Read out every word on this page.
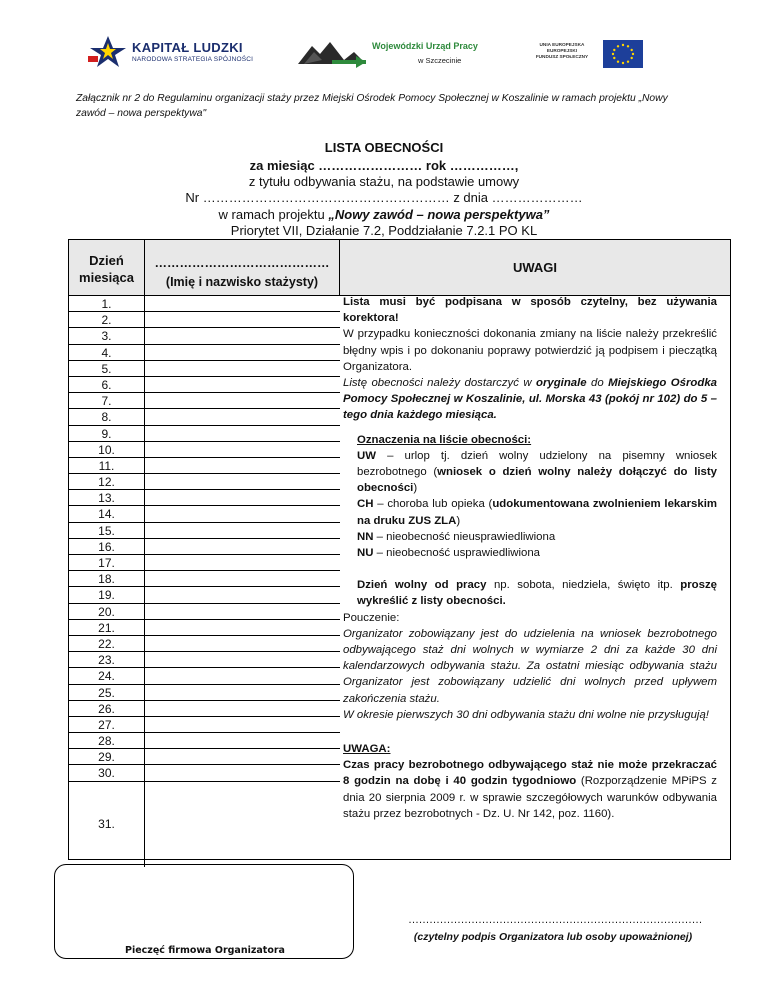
KAPITAŁ LUDZKI
NARODOWA STRATEGIA SPÓJNOŚCI
Wojewódzki Urząd Pracy
w Szczecinie
UNIA EUROPEJSKA
EUROPEJSKI
FUNDUSZ SPOŁECZNY
Załącznik nr 2 do Regulaminu organizacji staży przez Miejski Ośrodek Pomocy Społecznej w Koszalinie w ramach projektu „Nowy zawód – nowa perspektywa"
LISTA OBECNOŚCI
za miesiąc …………………… rok ……………,
z tytułu odbywania stażu, na podstawie umowy
Nr ………………………………………………… z dnia …………………
w ramach projektu „Nowy zawód – nowa perspektywa”
Priorytet VII, Działanie 7.2, Poddziałanie 7.2.1 PO KL
Dzień miesiąca
……………………………………
(Imię i nazwisko stażysty)
UWAGI
1.
2.
3.
4.
5.
6.
7.
8.
9.
10.
11.
12.
13.
14.
15.
16.
17.
18.
19.
20.
21.
22.
23.
24.
25.
26.
27.
28.
29.
30.
31.

Lista musi być podpisana w sposób czytelny, bez używania korektora!

W przypadku konieczności dokonania zmiany na liście należy przekreślić błędny wpis i po dokonaniu poprawy potwierdzić ją podpisem i pieczątką Organizatora.

Listę obecności należy dostarczyć w oryginale do Miejskiego Ośrodka Pomocy Społecznej w Koszalinie, ul. Morska 43 (pokój nr 102) do 5 –tego dnia każdego miesiąca.

Oznaczenia na liście obecności:

UW – urlop tj. dzień wolny udzielony na pisemny wniosek bezrobotnego (wniosek o dzień wolny należy dołączyć do listy obecności)

CH – choroba lub opieka (udokumentowana zwolnieniem lekarskim na druku ZUS ZLA)

NN – nieobecność nieusprawiedliwiona

NU – nieobecność usprawiedliwiona

Dzień wolny od pracy np. sobota, niedziela, święto itp. proszę wykreślić z listy obecności.

Pouczenie:

Organizator zobowiązany jest do udzielenia na wniosek bezrobotnego odbywającego staż dni wolnych w wymiarze 2 dni za każde 30 dni kalendarzowych odbywania stażu. Za ostatni miesiąc odbywania stażu Organizator jest zobowiązany udzielić dni wolnych przed upływem zakończenia stażu.

W okresie pierwszych 30 dni odbywania stażu dni wolne nie przysługują!

UWAGA:

Czas pracy bezrobotnego odbywającego staż nie może przekraczać 8 godzin na dobę i 40 godzin tygodniowo (Rozporządzenie MPiPS z dnia 20 sierpnia 2009 r. w sprawie szczegółowych warunków odbywania stażu przez bezrobotnych - Dz. U. Nr 142, poz. 1160).

Pieczęć firmowa Organizatora
…………………………………………………………………………
(czytelny podpis Organizatora lub osoby upoważnionej)
